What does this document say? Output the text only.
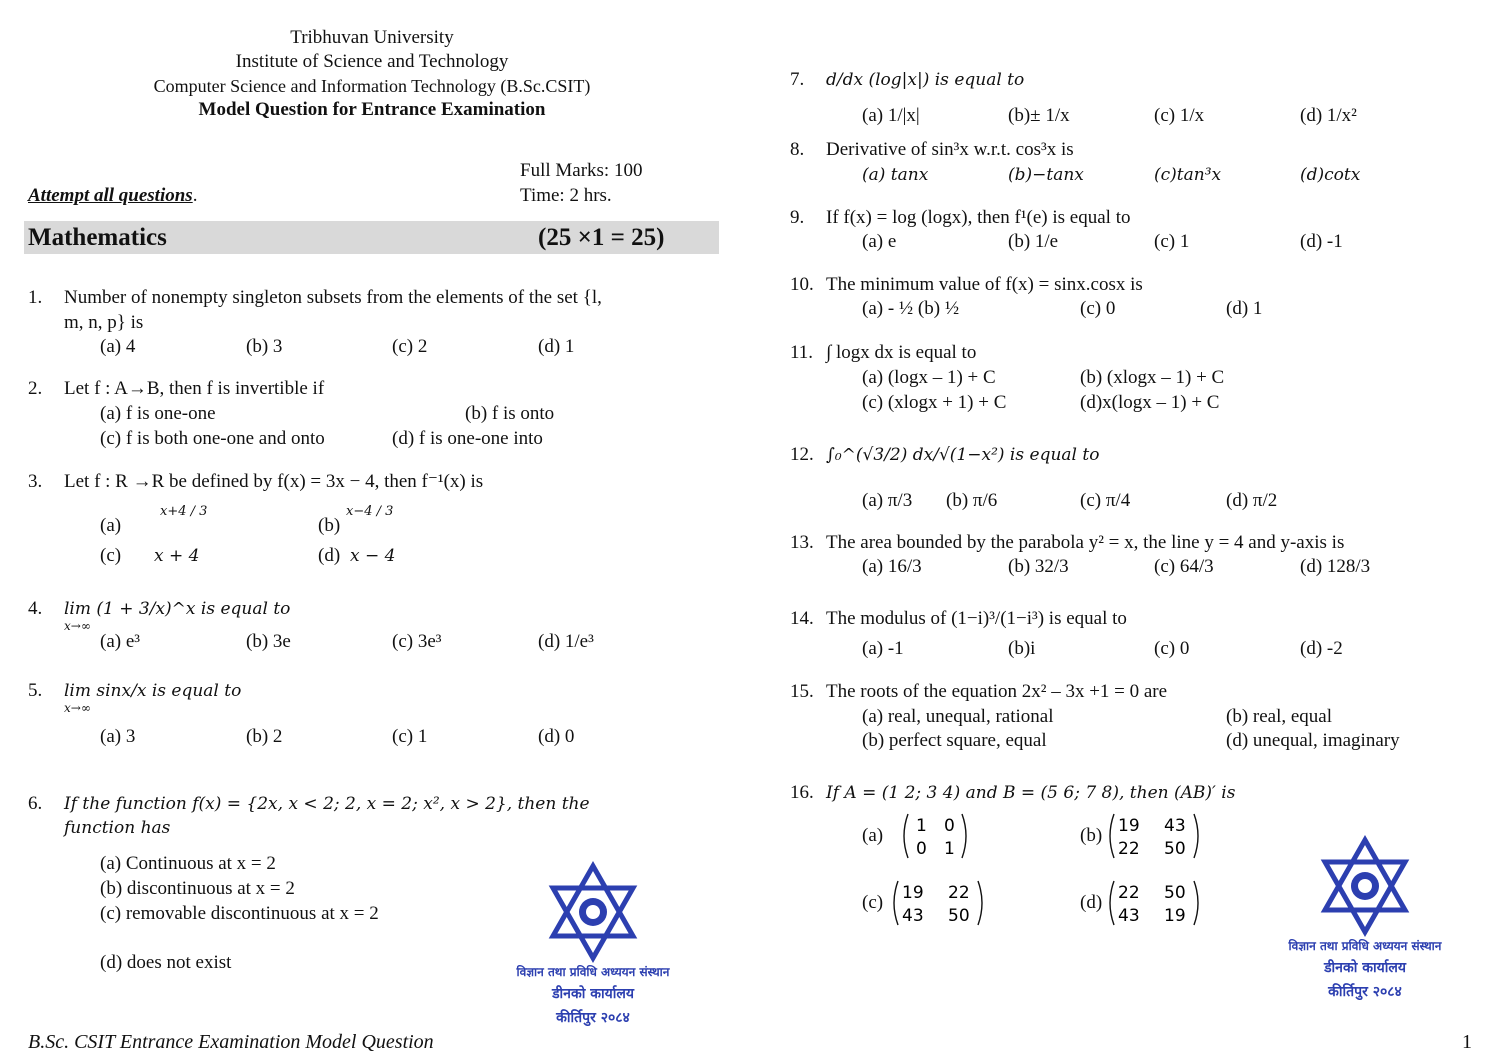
Tribhuvan University
Institute of Science and Technology
Computer Science and Information Technology (B.Sc.CSIT)
Model Question for Entrance Examination
Full Marks: 100
Time: 2 hrs.
Attempt all questions.
Mathematics	(25 ×1 = 25)
1. Number of nonempty singleton subsets from the elements of the set {l,
m, n, p} is
(a) 4	(b) 3	(c) 2	(d) 1
2. Let f : A→B, then f is invertible if
(a) f is one-one	(b) f is onto
(c) f is both one-one and onto	(d) f is one-one into
3. Let f : R →R be defined by f(x) = 3x − 4, then f⁻¹(x) is
(a)
x+4 / 3
(b)
x−4 / 3
(c) x + 4	(d) x − 4
4. lim (1 + 3/x)^x is equal to
x→∞
(a) e³	(b) 3e	(c) 3e³	(d) 1/e³
5. lim sinx/x is equal to
x→∞
(a) 3	(b) 2	(c) 1	(d) 0
6. If the function f(x) = {2x, x < 2; 2, x = 2; x², x > 2}, then the function has
(a) Continuous at x = 2
(b) discontinuous at x = 2
(c) removable discontinuous at x = 2
(d) does not exist	विज्ञान तथा प्रविधि अध्ययन संस्थान
डीनको कार्यालय
कीर्तिपुर २०८४
B.Sc. CSIT Entrance Examination Model Question	1
7. d/dx (log|x|) is equal to
(a) 1/|x|	(b)± 1/x	(c) 1/x	(d) 1/x²
8. Derivative of sin³x w.r.t. cos³x is
(a) tanx	(b)−tanx	(c)tan³x	(d)cotx
9. If f(x) = log (logx), then f¹(e) is equal to
(a) e	(b) 1/e	(c) 1	(d) -1
10. The minimum value of f(x) = sinx.cosx is
(a) - ½ (b) ½	(c) 0	(d) 1
11. ∫ logx dx is equal to
(a) (logx – 1) + C	(b) (xlogx – 1) + C
(c) (xlogx + 1) + C	(d)x(logx – 1) + C
12. ∫₀^(√3/2) dx/√(1−x²) is equal to
(a) π/3 (b) π/6	(c) π/4	(d) π/2
13. The area bounded by the parabola y² = x, the line y = 4 and y-axis is
(a) 16/3	(b) 32/3	(c) 64/3	(d) 128/3
14. The modulus of (1−i)³/(1−i³) is equal to
(a) -1	(b)i	(c) 0	(d) -2
15. The roots of the equation 2x² – 3x +1 = 0 are
(a) real, unequal, rational	(b) real, equal
(b) perfect square, equal	(d) unequal, imaginary
16. If A = (1 2; 3 4) and B = (5 6; 7 8), then (AB)′ is
(a) 1 0
0 1
(b) 19 43
22 50
(c) 19 22
43 50
(d) 22 50
43 19
विज्ञान तथा प्रविधि अध्ययन संस्थान
डीनको कार्यालय
कीर्तिपुर २०८४
